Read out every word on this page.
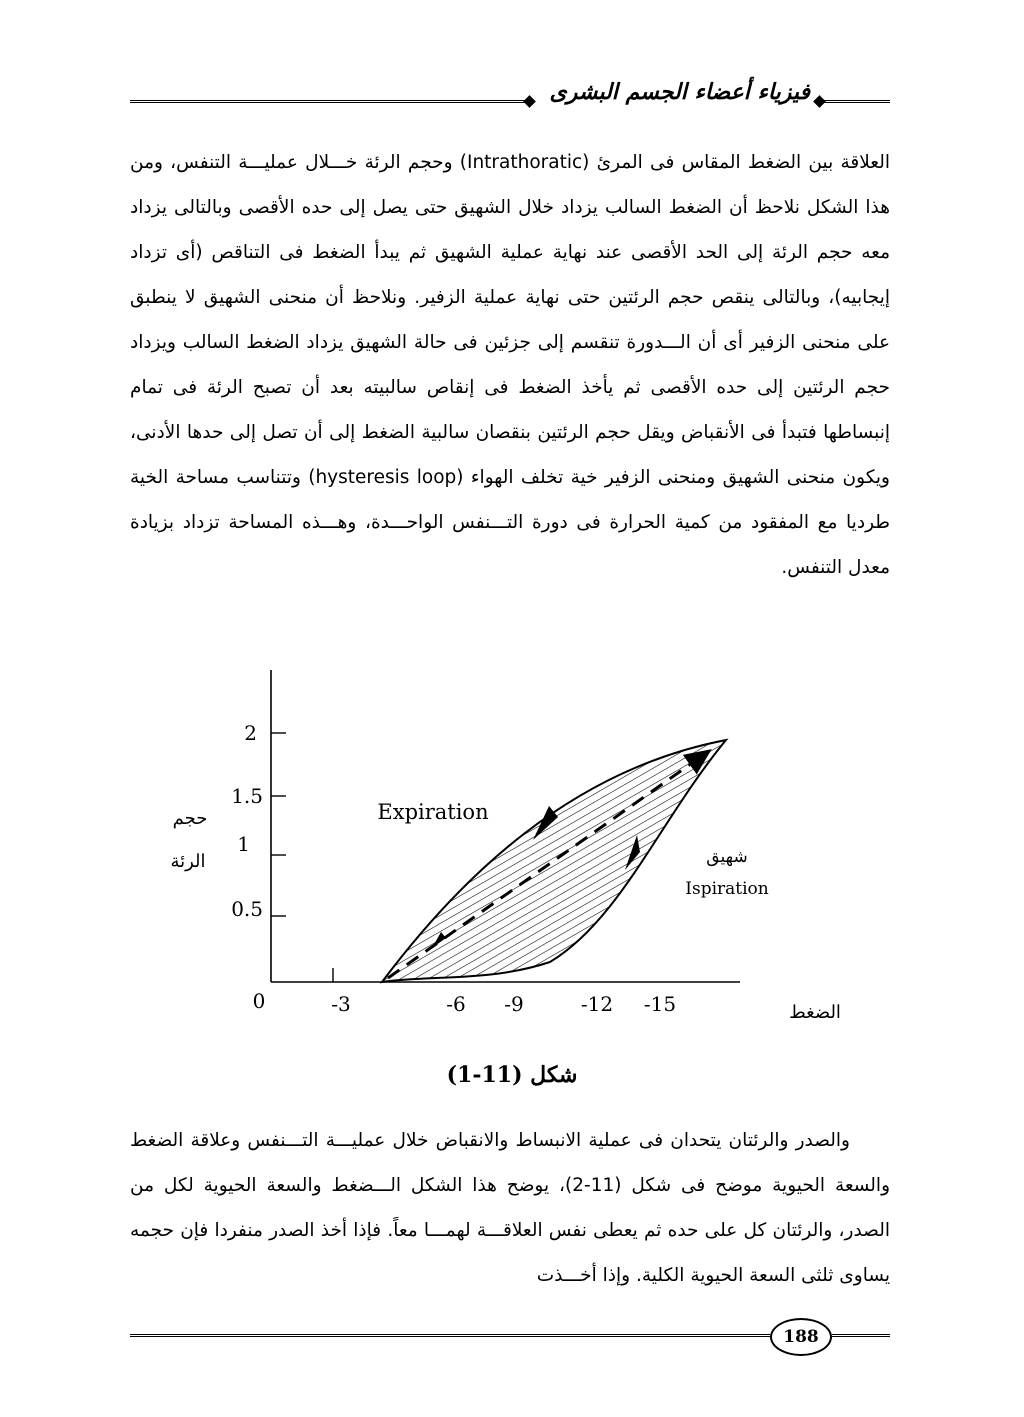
فيزياء أعضاء الجسم البشرى
العلاقة بين الضغط المقاس فى المرئ (Intrathoratic) وحجم الرئة خـــلال عمليـــة التنفس، ومن هذا الشكل نلاحظ أن الضغط السالب يزداد خلال الشهيق حتى يصل إلى حده الأقصى وبالتالى يزداد معه حجم الرئة إلى الحد الأقصى عند نهاية عملية الشهيق ثم يبدأ الضغط فى التناقص (أى تزداد إيجابيه)، وبالتالى ينقص حجم الرئتين حتى نهاية عملية الزفير. ونلاحظ أن منحنى الشهيق لا ينطبق على منحنى الزفير أى أن الـــدورة تنقسم إلى جزئين فى حالة الشهيق يزداد الضغط السالب ويزداد حجم الرئتين إلى حده الأقصى ثم يأخذ الضغط فى إنقاص سالبيته بعد أن تصبح الرئة فى تمام إنبساطها فتبدأ فى الأنقباض ويقل حجم الرئتين بنقصان سالبية الضغط إلى أن تصل إلى حدها الأدنى، ويكون منحنى الشهيق ومنحنى الزفير خية تخلف الهواء (hysteresis loop) وتتناسب مساحة الخية طرديا مع المفقود من كمية الحرارة فى دورة التـــنفس الواحـــدة، وهـــذه المساحة تزداد بزيادة معدل التنفس.
2
1.5
1
0.5
0	-3	-6 -9	-12 -15
حجم
الرئة
الضغط
Expiration
شهيق
Ispiration
شكل (11-1)
والصدر والرئتان يتحدان فى عملية الانبساط والانقباض خلال عمليـــة التـــنفس وعلاقة الضغط والسعة الحيوية موضح فى شكل (11-2)، يوضح هذا الشكل الـــضغط والسعة الحيوية لكل من الصدر، والرئتان كل على حده ثم يعطى نفس العلاقـــة لهمـــا معاً. فإذا أخذ الصدر منفردا فإن حجمه يساوى ثلثى السعة الحيوية الكلية. وإذا أخـــذت
188
